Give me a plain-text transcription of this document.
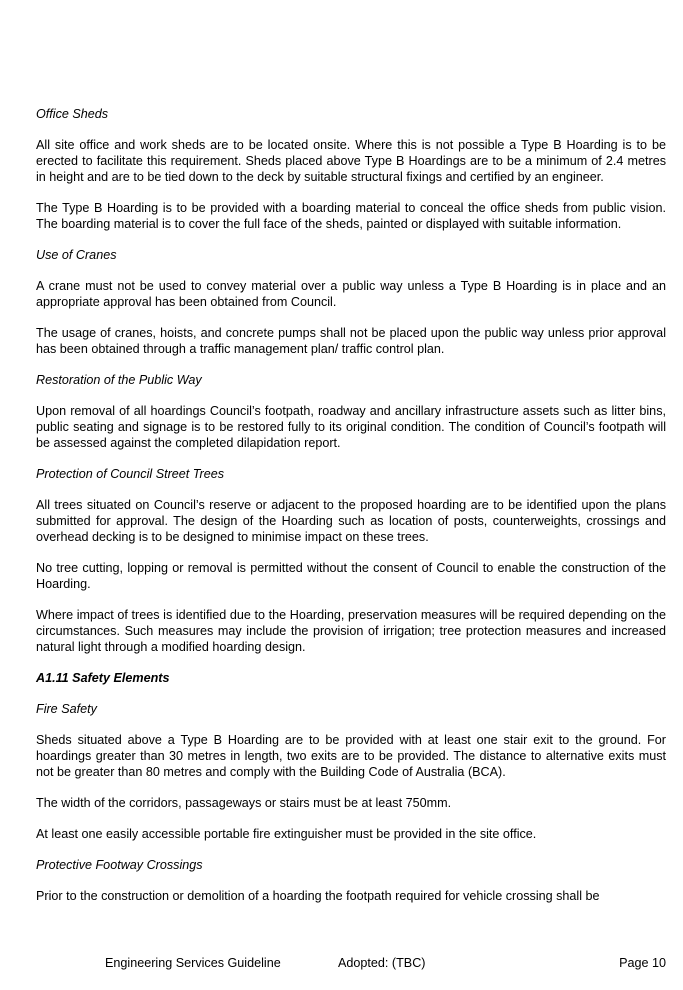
Office Sheds

All site office and work sheds are to be located onsite. Where this is not possible a Type B Hoarding is to be erected to facilitate this requirement. Sheds placed above Type B Hoardings are to be a minimum of 2.4 metres in height and are to be tied down to the deck by suitable structural fixings and certified by an engineer.

The Type B Hoarding is to be provided with a boarding material to conceal the office sheds from public vision. The boarding material is to cover the full face of the sheds, painted or displayed with suitable information.

Use of Cranes

A crane must not be used to convey material over a public way unless a Type B Hoarding is in place and an appropriate approval has been obtained from Council.

The usage of cranes, hoists, and concrete pumps shall not be placed upon the public way unless prior approval has been obtained through a traffic management plan/ traffic control plan.

Restoration of the Public Way

Upon removal of all hoardings Council’s footpath, roadway and ancillary infrastructure assets such as litter bins, public seating and signage is to be restored fully to its original condition. The condition of Council’s footpath will be assessed against the completed dilapidation report.

Protection of Council Street Trees

All trees situated on Council’s reserve or adjacent to the proposed hoarding are to be identified upon the plans submitted for approval. The design of the Hoarding such as location of posts, counterweights, crossings and overhead decking is to be designed to minimise impact on these trees.

No tree cutting, lopping or removal is permitted without the consent of Council to enable the construction of the Hoarding.

Where impact of trees is identified due to the Hoarding, preservation measures will be required depending on the circumstances. Such measures may include the provision of irrigation; tree protection measures and increased natural light through a modified hoarding design.

A1.11 Safety Elements

Fire Safety

Sheds situated above a Type B Hoarding are to be provided with at least one stair exit to the ground. For hoardings greater than 30 metres in length, two exits are to be provided. The distance to alternative exits must not be greater than 80 metres and comply with the Building Code of Australia (BCA).

The width of the corridors, passageways or stairs must be at least 750mm.

At least one easily accessible portable fire extinguisher must be provided in the site office.

Protective Footway Crossings

Prior to the construction or demolition of a hoarding the footpath required for vehicle crossing shall be

Engineering Services Guideline	Adopted: (TBC)	Page 10
